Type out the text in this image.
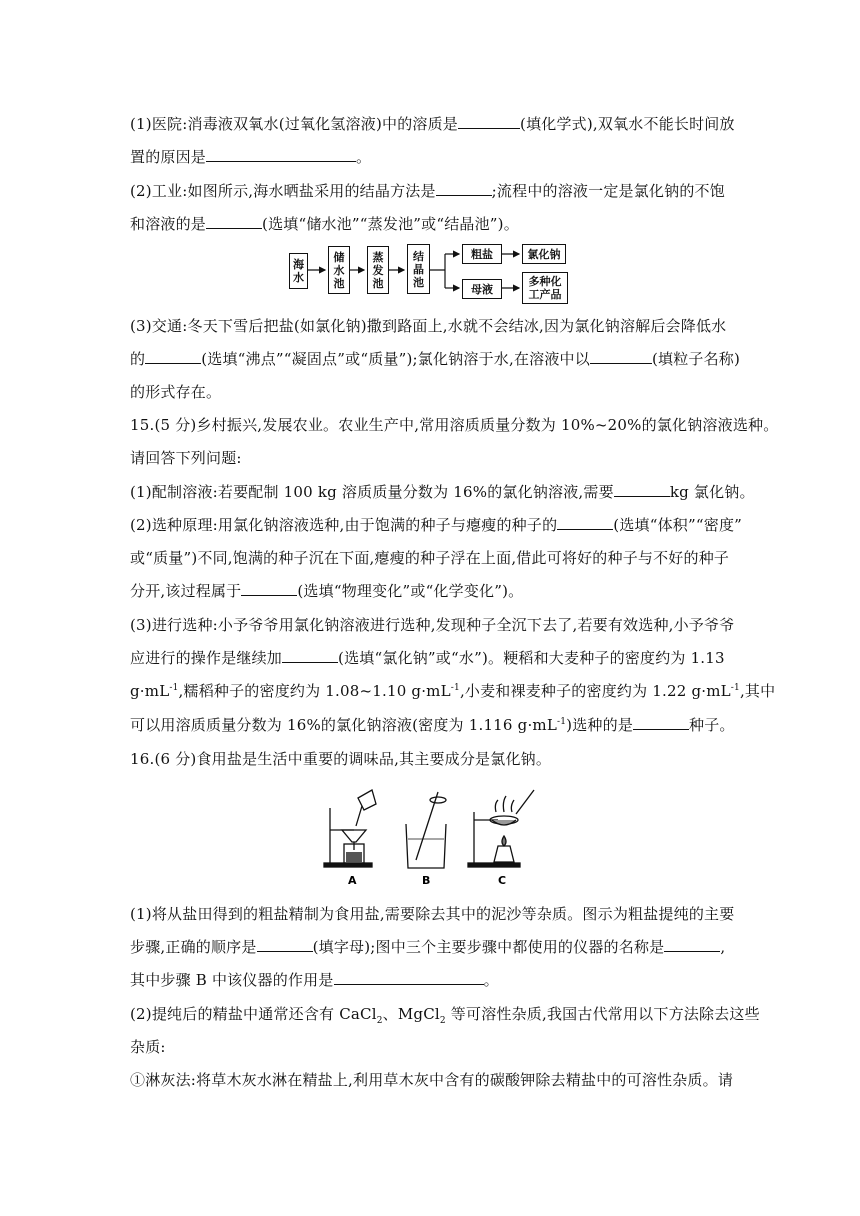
(1)医院:消毒液双氧水(过氧化氢溶液)中的溶质是	(填化学式),双氧水不能长时间放
置的原因是	。
(2)工业:如图所示,海水晒盐采用的结晶方法是	;流程中的溶液一定是氯化钠的不饱
和溶液的是	(选填“储水池”“蒸发池”或“结晶池”)。
海水
储水池
蒸发池
结晶池
粗盐	氯化钠
母液
多种化工产品
(3)交通:冬天下雪后把盐(如氯化钠)撒到路面上,水就不会结冰,因为氯化钠溶解后会降低水
的	(选填“沸点”“凝固点”或“质量”);氯化钠溶于水,在溶液中以	(填粒子名称)
的形式存在。
15.(5 分)乡村振兴,发展农业。农业生产中,常用溶质质量分数为 10%~20%的氯化钠溶液选种。
请回答下列问题:
(1)配制溶液:若要配制 100 kg 溶质质量分数为 16%的氯化钠溶液,需要	kg 氯化钠。
(2)选种原理:用氯化钠溶液选种,由于饱满的种子与瘪瘦的种子的	(选填“体积”“密度”
或“质量”)不同,饱满的种子沉在下面,瘪瘦的种子浮在上面,借此可将好的种子与不好的种子
分开,该过程属于	(选填“物理变化”或“化学变化”)。
(3)进行选种:小予爷爷用氯化钠溶液进行选种,发现种子全沉下去了,若要有效选种,小予爷爷
应进行的操作是继续加	(选填“氯化钠”或“水”)。粳稻和大麦种子的密度约为 1.13
$g\cdot mL^{-1}$,糯稻种子的密度约为 1.08~1.10 $g\cdot mL^{-1}$,小麦和裸麦种子的密度约为 1.22 $g\cdot mL^{-1}$,其中
可以用溶质质量分数为 16%的氯化钠溶液(密度为 1.116 $g\cdot mL^{-1}$)选种的是	种子。
16.(6 分)食用盐是生活中重要的调味品,其主要成分是氯化钠。
A	B	C
(1)将从盐田得到的粗盐精制为食用盐,需要除去其中的泥沙等杂质。图示为粗盐提纯的主要
步骤,正确的顺序是	(填字母);图中三个主要步骤中都使用的仪器的名称是	,
其中步骤 B 中该仪器的作用是	。
(2)提纯后的精盐中通常还含有 CaCl$_2$、MgCl$_2$ 等可溶性杂质,我国古代常用以下方法除去这些
杂质:
①淋灰法:将草木灰水淋在精盐上,利用草木灰中含有的碳酸钾除去精盐中的可溶性杂质。请
